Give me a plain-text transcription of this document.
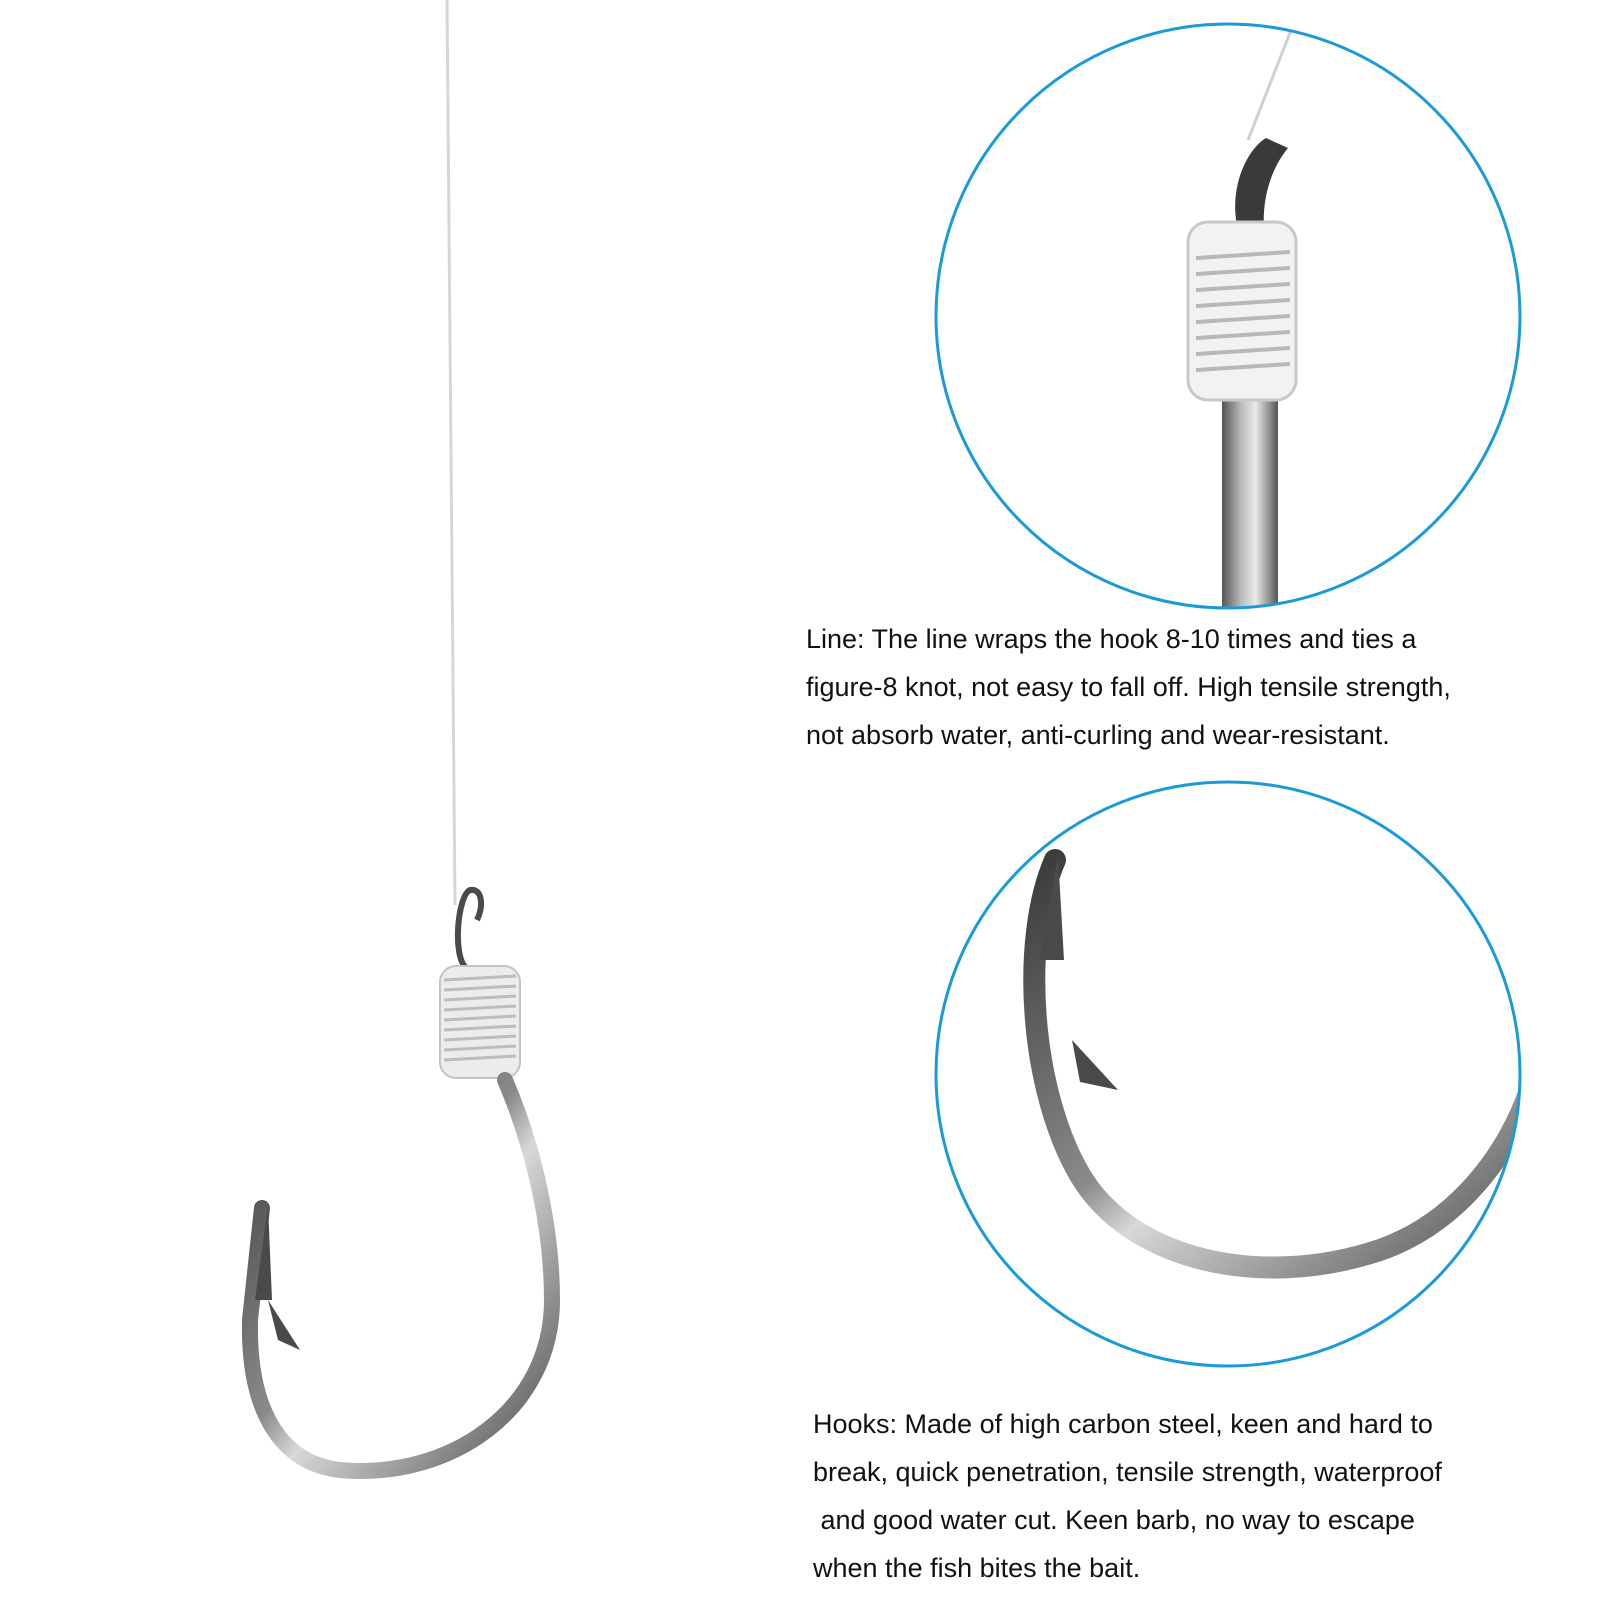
Line: The line wraps the hook 8-10 times and ties a
figure-8 knot, not easy to fall off. High tensile strength,
not absorb water, anti-curling and wear-resistant.

Hooks: Made of high carbon steel, keen and hard to
break, quick penetration, tensile strength, waterproof
and good water cut. Keen barb, no way to escape
when the fish bites the bait.
